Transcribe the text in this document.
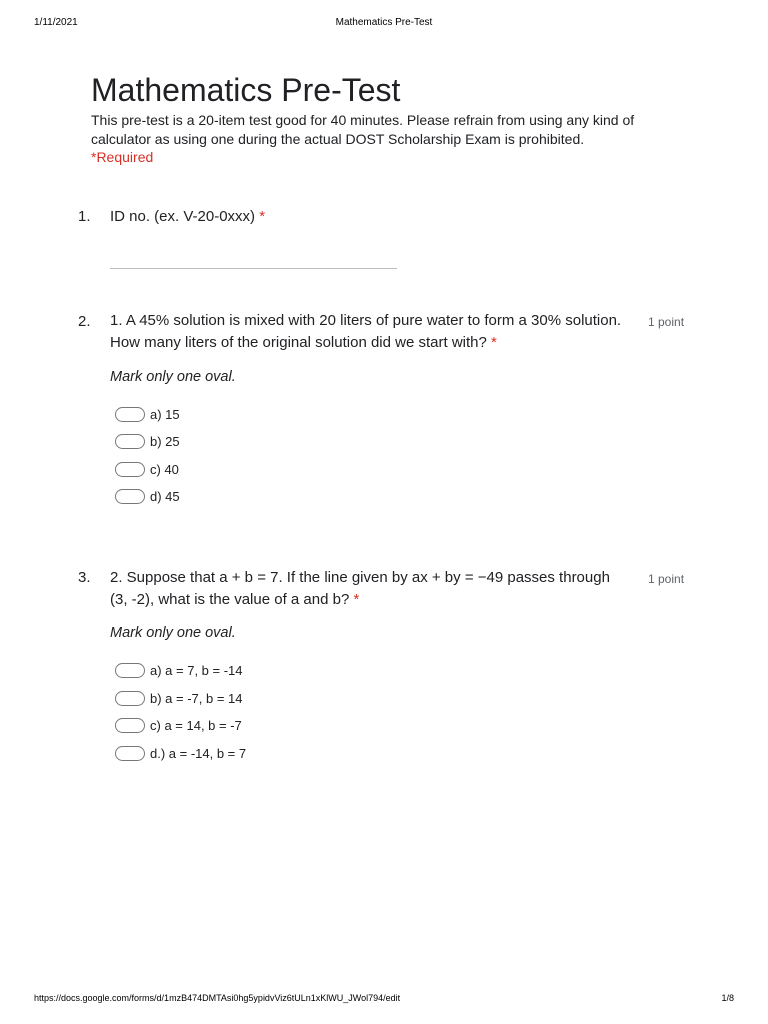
1/11/2021	Mathematics Pre-Test
Mathematics Pre-Test
This pre-test is a 20-item test good for 40 minutes. Please refrain from using any kind of calculator as using one during the actual DOST Scholarship Exam is prohibited.
*Required
1. ID no. (ex. V-20-0xxx) *
2. 1. A 45% solution is mixed with 20 liters of pure water to form a 30% solution. How many liters of the original solution did we start with? *
1 point
Mark only one oval.
a) 15
b) 25
c) 40
d) 45
3. 2. Suppose that a + b = 7. If the line given by ax + by = −49 passes through (3, -2), what is the value of a and b? *
1 point
Mark only one oval.
a) a = 7, b = -14
b) a = -7, b = 14
c) a = 14, b = -7
d.) a = -14, b = 7
https://docs.google.com/forms/d/1mzB474DMTAsi0hg5ypidvViz6tULn1xKlWU_JWol794/edit	1/8
